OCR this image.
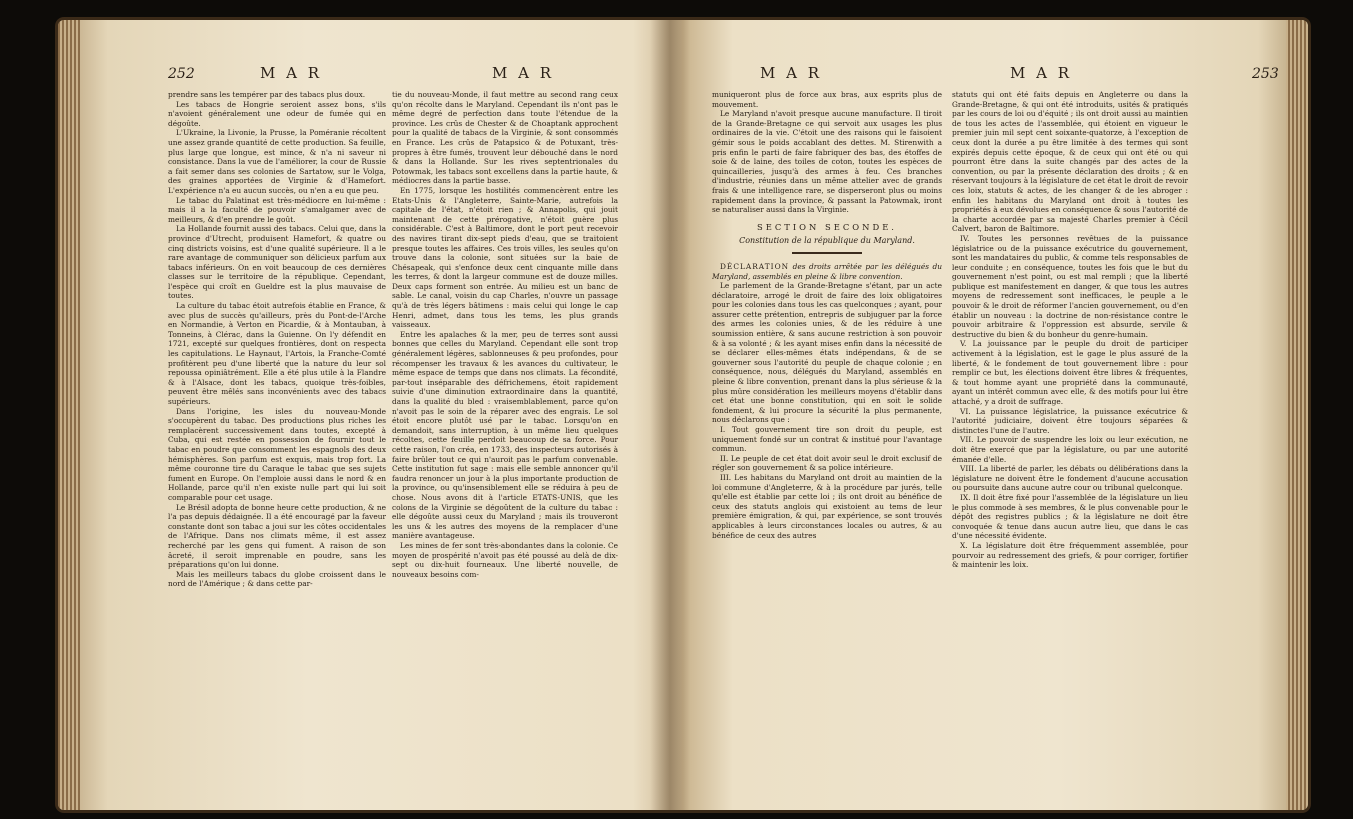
252	M A R	M A R

prendre sans les tempérer par des tabacs plus doux.

Les tabacs de Hongrie seroient assez bons, s'ils n'avoient généralement une odeur de fumée qui en dégoûte.

L'Ukraine, la Livonie, la Prusse, la Poméranie récoltent une assez grande quantité de cette production. Sa feuille, plus large que longue, est mince, & n'a ni saveur ni consistance. Dans la vue de l'améliorer, la cour de Russie a fait semer dans ses colonies de Sartatow, sur le Volga, des graines apportées de Virginie & d'Hamefort. L'expérience n'a eu aucun succès, ou n'en a eu que peu.

Le tabac du Palatinat est très-médiocre en lui-même : mais il a la faculté de pouvoir s'amalgamer avec de meilleurs, & d'en prendre le goût.

La Hollande fournit aussi des tabacs. Celui que, dans la province d'Utrecht, produisent Hamefort, & quatre ou cinq districts voisins, est d'une qualité supérieure. Il a le rare avantage de communiquer son délicieux parfum aux tabacs inférieurs. On en voit beaucoup de ces dernières classes sur le territoire de la république. Cependant, l'espèce qui croît en Gueldre est la plus mauvaise de toutes.

La culture du tabac étoit autrefois établie en France, & avec plus de succès qu'ailleurs, près du Pont-de-l'Arche en Normandie, à Verton en Picardie, & à Montauban, à Tonneins, à Clérac, dans la Guienne. On l'y défendit en 1721, excepté sur quelques frontières, dont on respecta les capitulations. Le Haynaut, l'Artois, la Franche-Comté profitèrent peu d'une liberté que la nature du leur sol repoussa opiniâtrément. Elle a été plus utile à la Flandre & à l'Alsace, dont les tabacs, quoique très-foibles, peuvent être mêlés sans inconvénients avec des tabacs supérieurs.

Dans l'origine, les isles du nouveau-Monde s'occupèrent du tabac. Des productions plus riches les remplacèrent successivement dans toutes, excepté à Cuba, qui est restée en possession de fournir tout le tabac en poudre que consomment les espagnols des deux hémisphères. Son parfum est exquis, mais trop fort. La même couronne tire du Caraque le tabac que ses sujets fument en Europe. On l'emploie aussi dans le nord & en Hollande, parce qu'il n'en existe nulle part qui lui soit comparable pour cet usage.

Le Brésil adopta de bonne heure cette production, & ne l'a pas depuis dédaignée. Il a été encouragé par la faveur constante dont son tabac a joui sur les côtes occidentales de l'Afrique. Dans nos climats même, il est assez recherché par les gens qui fument. A raison de son âcreté, il seroit imprenable en poudre, sans les préparations qu'on lui donne.

Mais les meilleurs tabacs du globe croissent dans le nord de l'Amérique ; & dans cette par-

tie du nouveau-Monde, il faut mettre au second rang ceux qu'on récolte dans le Maryland. Cependant ils n'ont pas le même degré de perfection dans toute l'étendue de la province. Les crûs de Chester & de Choaptank approchent pour la qualité de tabacs de la Virginie, & sont consommés en France. Les crûs de Patapsico & de Potuxant, très-propres à être fumés, trouvent leur débouché dans le nord & dans la Hollande. Sur les rives septentrionales du Potowmak, les tabacs sont excellens dans la partie haute, & médiocres dans la partie basse.

En 1775, lorsque les hostilités commencèrent entre les Etats-Unis & l'Angleterre, Sainte-Marie, autrefois la capitale de l'état, n'étoit rien ; & Annapolis, qui jouit maintenant de cette prérogative, n'étoit guère plus considérable. C'est à Baltimore, dont le port peut recevoir des navires tirant dix-sept pieds d'eau, que se traitoient presque toutes les affaires. Ces trois villes, les seules qu'on trouve dans la colonie, sont situées sur la baie de Chésapeak, qui s'enfonce deux cent cinquante mille dans les terres, & dont la largeur commune est de douze milles. Deux caps forment son entrée. Au milieu est un banc de sable. Le canal, voisin du cap Charles, n'ouvre un passage qu'à de très légers bâtimens : mais celui qui longe le cap Henri, admet, dans tous les tems, les plus grands vaisseaux.

Entre les apalaches & la mer, peu de terres sont aussi bonnes que celles du Maryland. Cependant elle sont trop généralement légères, sablonneuses & peu profondes, pour récompenser les travaux & les avances du cultivateur, le même espace de temps que dans nos climats. La fécondité, par-tout inséparable des défrichemens, étoit rapidement suivie d'une diminution extraordinaire dans la quantité, dans la qualité du bled : vraisemblablement, parce qu'on n'avoit pas le soin de la réparer avec des engrais. Le sol étoit encore plutôt usé par le tabac. Lorsqu'on en demandoit, sans interruption, à un même lieu quelques récoltes, cette feuille perdoit beaucoup de sa force. Pour cette raison, l'on créa, en 1733, des inspecteurs autorisés à faire brûler tout ce qui n'auroit pas le parfum convenable. Cette institution fut sage : mais elle semble annoncer qu'il faudra renoncer un jour à la plus importante production de la province, ou qu'insensiblement elle se réduira à peu de chose. Nous avons dit à l'article ETATS-UNIS, que les colons de la Virginie se dégoûtent de la culture du tabac : elle dégoûte aussi ceux du Maryland ; mais ils trouveront les uns & les autres des moyens de la remplacer d'une manière avantageuse.

Les mines de fer sont très-abondantes dans la colonie. Ce moyen de prospérité n'avoit pas été poussé au delà de dix-sept ou dix-huit fourneaux. Une liberté nouvelle, de nouveaux besoins com-

M A R	M A R	253

muniqueront plus de force aux bras, aux esprits plus de mouvement.

Le Maryland n'avoit presque aucune manufacture. Il tiroit de la Grande-Bretagne ce qui servoit aux usages les plus ordinaires de la vie. C'étoit une des raisons qui le faisoient gémir sous le poids accablant des dettes. M. Stirenwith a pris enfin le parti de faire fabriquer des bas, des étoffes de soie & de laine, des toiles de coton, toutes les espèces de quincailleries, jusqu'à des armes à feu. Ces branches d'industrie, réunies dans un même attelier avec de grands frais & une intelligence rare, se disperseront plus ou moins rapidement dans la province, & passant la Patowmak, iront se naturaliser aussi dans la Virginie.

SECTION SECONDE.
Constitution de la république du Maryland.

DÉCLARATION des droits arrêtée par les délégués du Maryland, assemblés en pleine & libre convention.

Le parlement de la Grande-Bretagne s'étant, par un acte déclaratoire, arrogé le droit de faire des loix obligatoires pour les colonies dans tous les cas quelconques ; ayant, pour assurer cette prétention, entrepris de subjuguer par la force des armes les colonies unies, & de les réduire à une soumission entière, & sans aucune restriction à son pouvoir & à sa volonté ; & les ayant mises enfin dans la nécessité de se déclarer elles-mêmes états indépendans, & de se gouverner sous l'autorité du peuple de chaque colonie ; en conséquence, nous, délégués du Maryland, assemblés en pleine & libre convention, prenant dans la plus sérieuse & la plus mûre considération les meilleurs moyens d'établir dans cet état une bonne constitution, qui en soit le solide fondement, & lui procure la sécurité la plus permanente, nous déclarons que :

I. Tout gouvernement tire son droit du peuple, est uniquement fondé sur un contrat & institué pour l'avantage commun.

II. Le peuple de cet état doit avoir seul le droit exclusif de régler son gouvernement & sa police intérieure.

III. Les habitans du Maryland ont droit au maintien de la loi commune d'Angleterre, & à la procédure par jurés, telle qu'elle est établie par cette loi ; ils ont droit au bénéfice de ceux des statuts anglois qui existoient au tems de leur première émigration, & qui, par expérience, se sont trouvés applicables à leurs circonstances locales ou autres, & au bénéfice de ceux des autres

statuts qui ont été faits depuis en Angleterre ou dans la Grande-Bretagne, & qui ont été introduits, usités & pratiqués par les cours de loi ou d'équité ; ils ont droit aussi au maintien de tous les actes de l'assemblée, qui étoient en vigueur le premier juin mil sept cent soixante-quatorze, à l'exception de ceux dont la durée a pu être limitée à des termes qui sont expirés depuis cette époque, & de ceux qui ont été ou qui pourront être dans la suite changés par des actes de la convention, ou par la présente déclaration des droits ; & en réservant toujours à la législature de cet état le droit de revoir ces loix, statuts & actes, de les changer & de les abroger : enfin les habitans du Maryland ont droit à toutes les propriétés à eux dévolues en conséquence & sous l'autorité de la charte accordée par sa majesté Charles premier à Cécil Calvert, baron de Baltimore.

IV. Toutes les personnes revêtues de la puissance législatrice ou de la puissance exécutrice du gouvernement, sont les mandataires du public, & comme tels responsables de leur conduite ; en conséquence, toutes les fois que le but du gouvernement n'est point, ou est mal rempli ; que la liberté publique est manifestement en danger, & que tous les autres moyens de redressement sont inefficaces, le peuple a le pouvoir & le droit de réformer l'ancien gouvernement, ou d'en établir un nouveau : la doctrine de non-résistance contre le pouvoir arbitraire & l'oppression est absurde, servile & destructive du bien & du bonheur du genre-humain.

V. La jouissance par le peuple du droit de participer activement à la législation, est le gage le plus assuré de la liberté, & le fondement de tout gouvernement libre : pour remplir ce but, les élections doivent être libres & fréquentes, & tout homme ayant une propriété dans la communauté, ayant un intérêt commun avec elle, & des motifs pour lui être attaché, y a droit de suffrage.

VI. La puissance législatrice, la puissance exécutrice & l'autorité judiciaire, doivent être toujours séparées & distinctes l'une de l'autre.

VII. Le pouvoir de suspendre les loix ou leur exécution, ne doit être exercé que par la législature, ou par une autorité émanée d'elle.

VIII. La liberté de parler, les débats ou délibérations dans la législature ne doivent être le fondement d'aucune accusation ou poursuite dans aucune autre cour ou tribunal quelconque.

IX. Il doit être fixé pour l'assemblée de la législature un lieu le plus commode à ses membres, & le plus convenable pour le dépôt des registres publics ; & la législature ne doit être convoquée & tenue dans aucun autre lieu, que dans le cas d'une nécessité évidente.

X. La législature doit être fréquemment assemblée, pour pourvoir au redressement des griefs, & pour corriger, fortifier & maintenir les loix.
